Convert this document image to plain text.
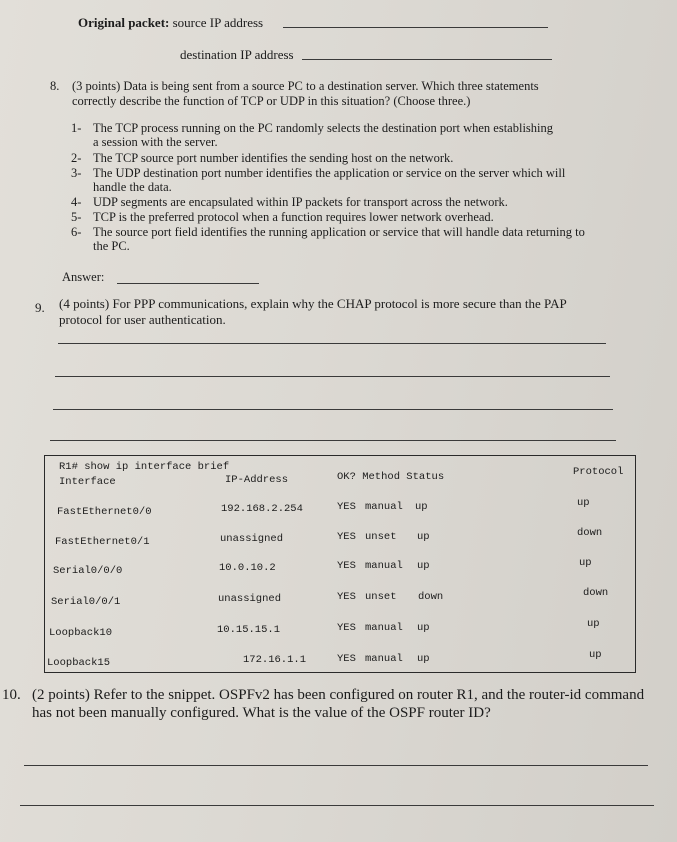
Original packet: source IP address
destination IP address
8. (3 points) Data is being sent from a source PC to a destination server. Which three statements correctly describe the function of TCP or UDP in this situation? (Choose three.)
1- The TCP process running on the PC randomly selects the destination port when establishing a session with the server.
2- The TCP source port number identifies the sending host on the network.
3- The UDP destination port number identifies the application or service on the server which will handle the data.
4- UDP segments are encapsulated within IP packets for transport across the network.
5- TCP is the preferred protocol when a function requires lower network overhead.
6- The source port field identifies the running application or service that will handle data returning to the PC.
Answer:
9. (4 points) For PPP communications, explain why the CHAP protocol is more secure than the PAP protocol for user authentication.
R1# show ip interface brief
Interface	IP-Address	OK? Method Status	Protocol
FastEthernet0/0	192.168.2.254	YES manual up	up
FastEthernet0/1	unassigned	YES unset up	down
Serial0/0/0	10.0.10.2	YES manual up	up
Serial0/0/1	unassigned	YES unset down	down
Loopback10	10.15.15.1	YES manual up	up
Loopback15	172.16.1.1	YES manual up	up
10. (2 points) Refer to the snippet. OSPFv2 has been configured on router R1, and the router-id command has not been manually configured. What is the value of the OSPF router ID?
